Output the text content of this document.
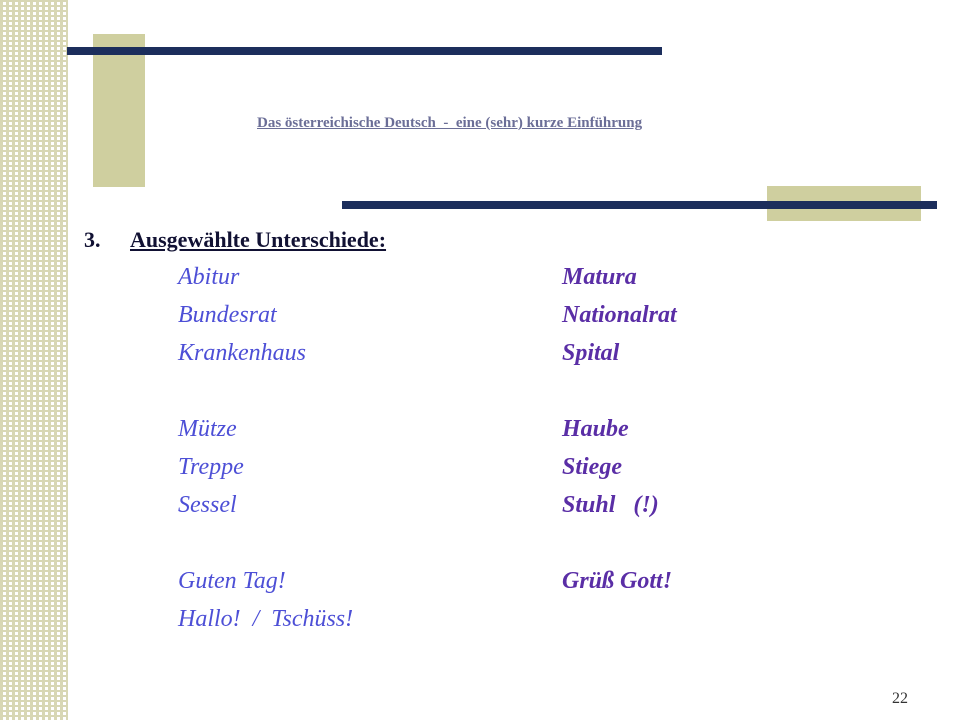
Das österreichische Deutsch  -  eine (sehr) kurze Einführung
3. Ausgewählte Unterschiede:
Abitur	Matura
Bundesrat	Nationalrat
Krankenhaus	Spital
Mütze	Haube
Treppe	Stiege
Sessel	Stuhl   (!)
Guten Tag!	Grüß Gott!
Hallo!  /  Tschüss!
22
